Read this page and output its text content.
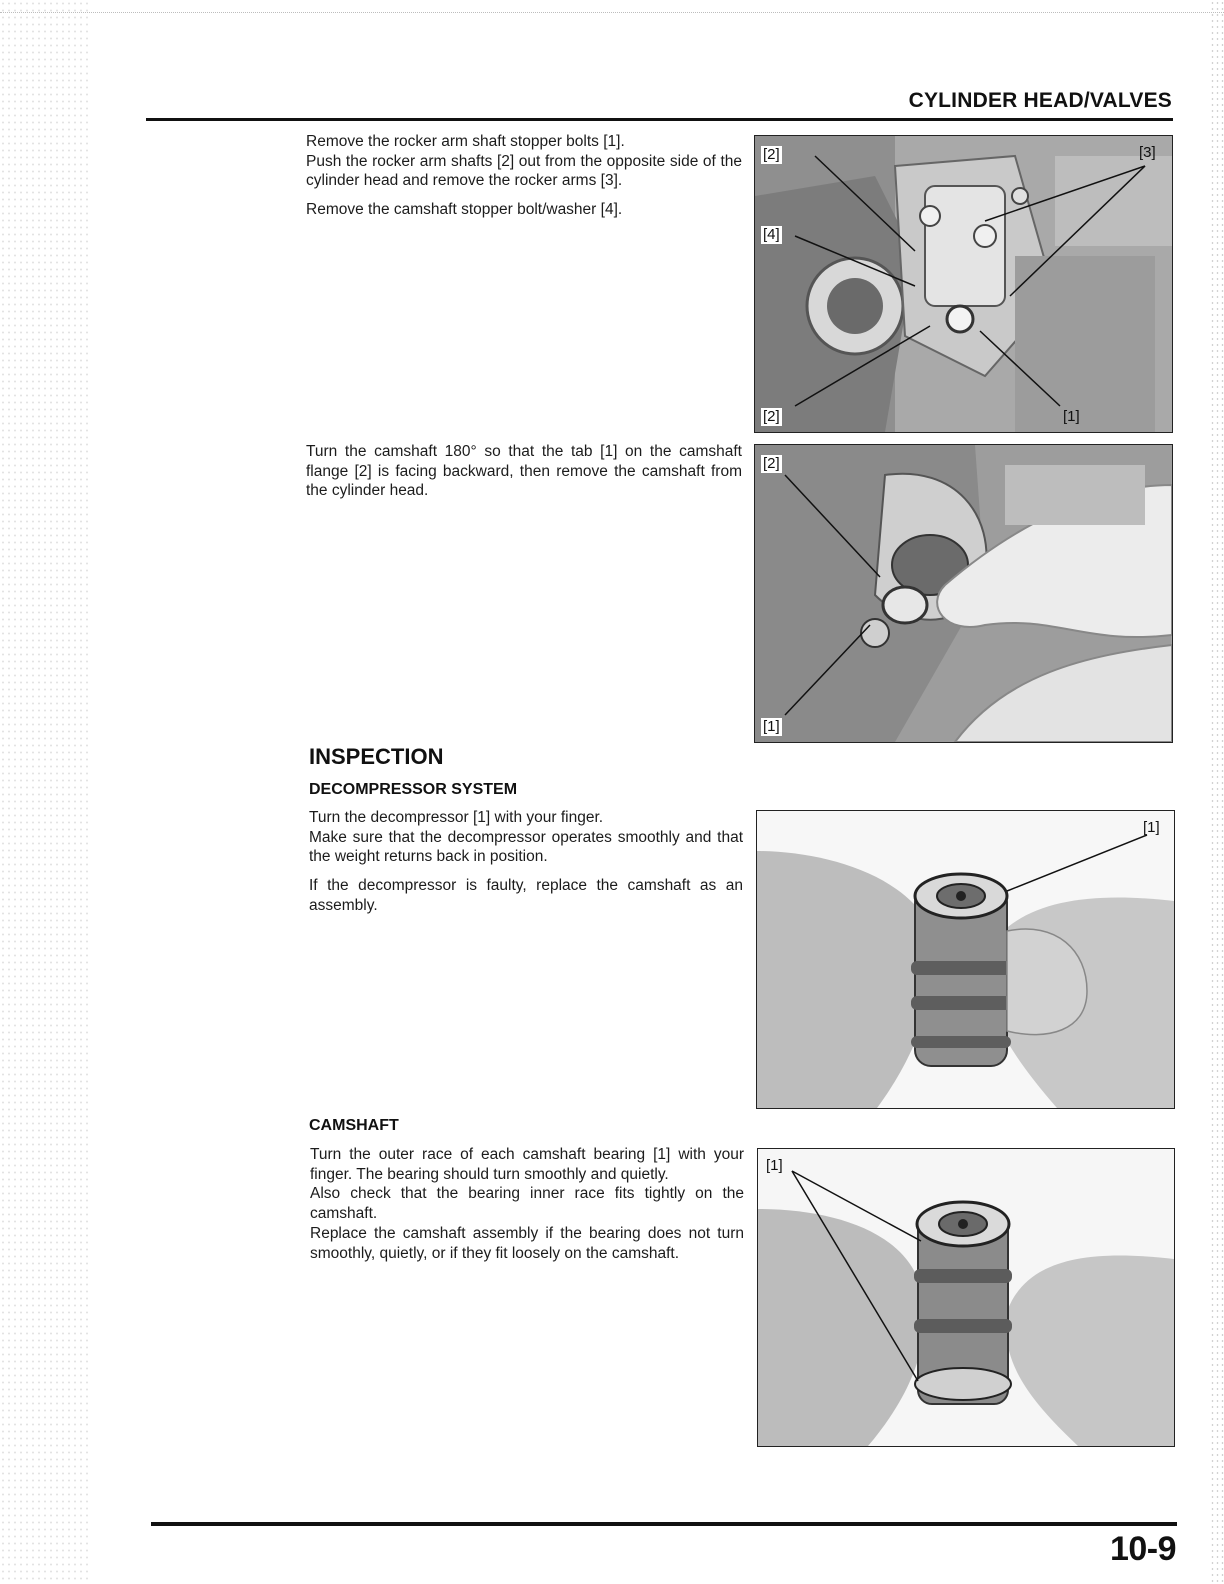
CYLINDER HEAD/VALVES

Remove the rocker arm shaft stopper bolts [1].

Push the rocker arm shafts [2] out from the opposite side of the cylinder head and remove the rocker arms [3].

Remove the camshaft stopper bolt/washer [4].

[2]	[3]
[4]
[2]	[1]

Turn the camshaft 180° so that the tab [1] on the camshaft flange [2] is facing backward, then remove the camshaft from the cylinder head.

[2]
[1]
INSPECTION
DECOMPRESSOR SYSTEM

Turn the decompressor [1] with your finger.

Make sure that the decompressor operates smoothly and that the weight returns back in position.

If the decompressor is faulty, replace the camshaft as an assembly.

[1]
CAMSHAFT

Turn the outer race of each camshaft bearing [1] with your finger. The bearing should turn smoothly and quietly.

Also check that the bearing inner race fits tightly on the camshaft.

Replace the camshaft assembly if the bearing does not turn smoothly, quietly, or if they fit loosely on the camshaft.

[1]
10-9
